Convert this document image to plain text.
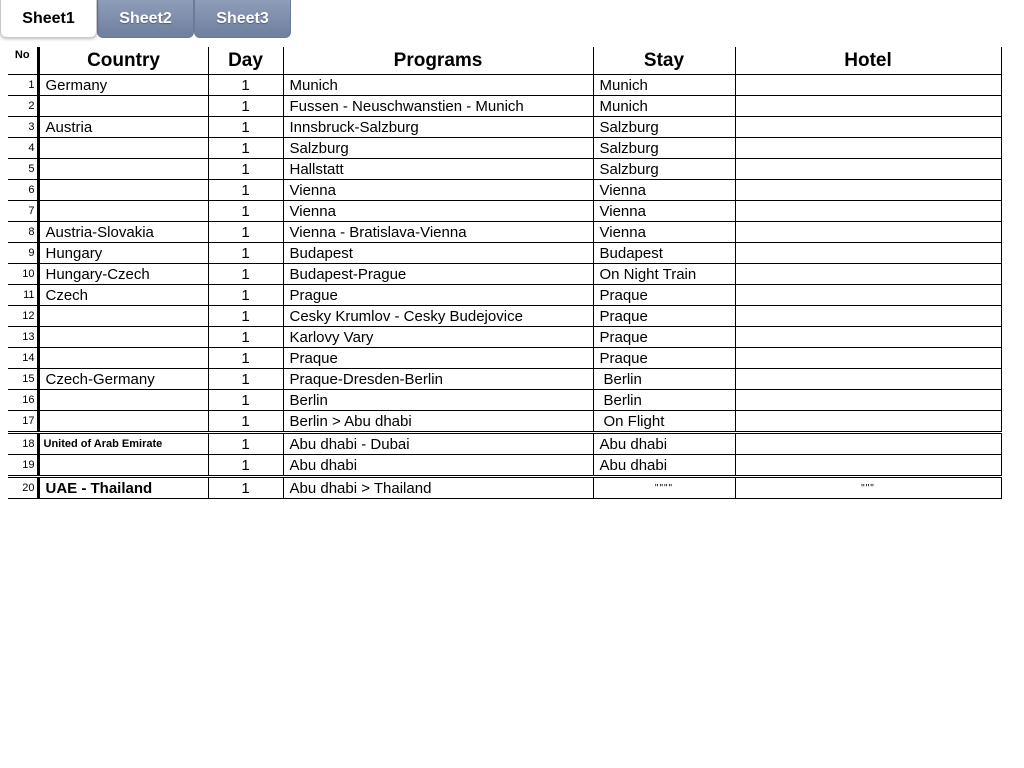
Sheet1	Sheet2	Sheet3
No	Country	Day	Programs	Stay	Hotel
1	Germany	1	Munich	Munich	
2		1	Fussen - Neuschwanstien - Munich	Munich	
3	Austria	1	Innsbruck-Salzburg	Salzburg	
4		1	Salzburg	Salzburg	
5		1	Hallstatt	Salzburg	
6		1	Vienna	Vienna	
7		1	Vienna	Vienna	
8	Austria-Slovakia	1	Vienna - Bratislava-Vienna	Vienna	
9	Hungary	1	Budapest	Budapest	
10	Hungary-Czech	1	Budapest-Prague	On Night Train	
11	Czech	1	Prague	Praque	
12		1	Cesky Krumlov - Cesky Budejovice	Praque	
13		1	Karlovy Vary	Praque	
14		1	Praque	Praque	
15	Czech-Germany	1	Praque-Dresden-Berlin	Berlin	
16		1	Berlin	Berlin	
17		1	Berlin > Abu dhabi	On Flight	
18	United of Arab Emirate	1	Abu dhabi - Dubai	Abu dhabi	
19		1	Abu dhabi	Abu dhabi	
20	UAE - Thailand	1	Abu dhabi > Thailand	""""	"""
